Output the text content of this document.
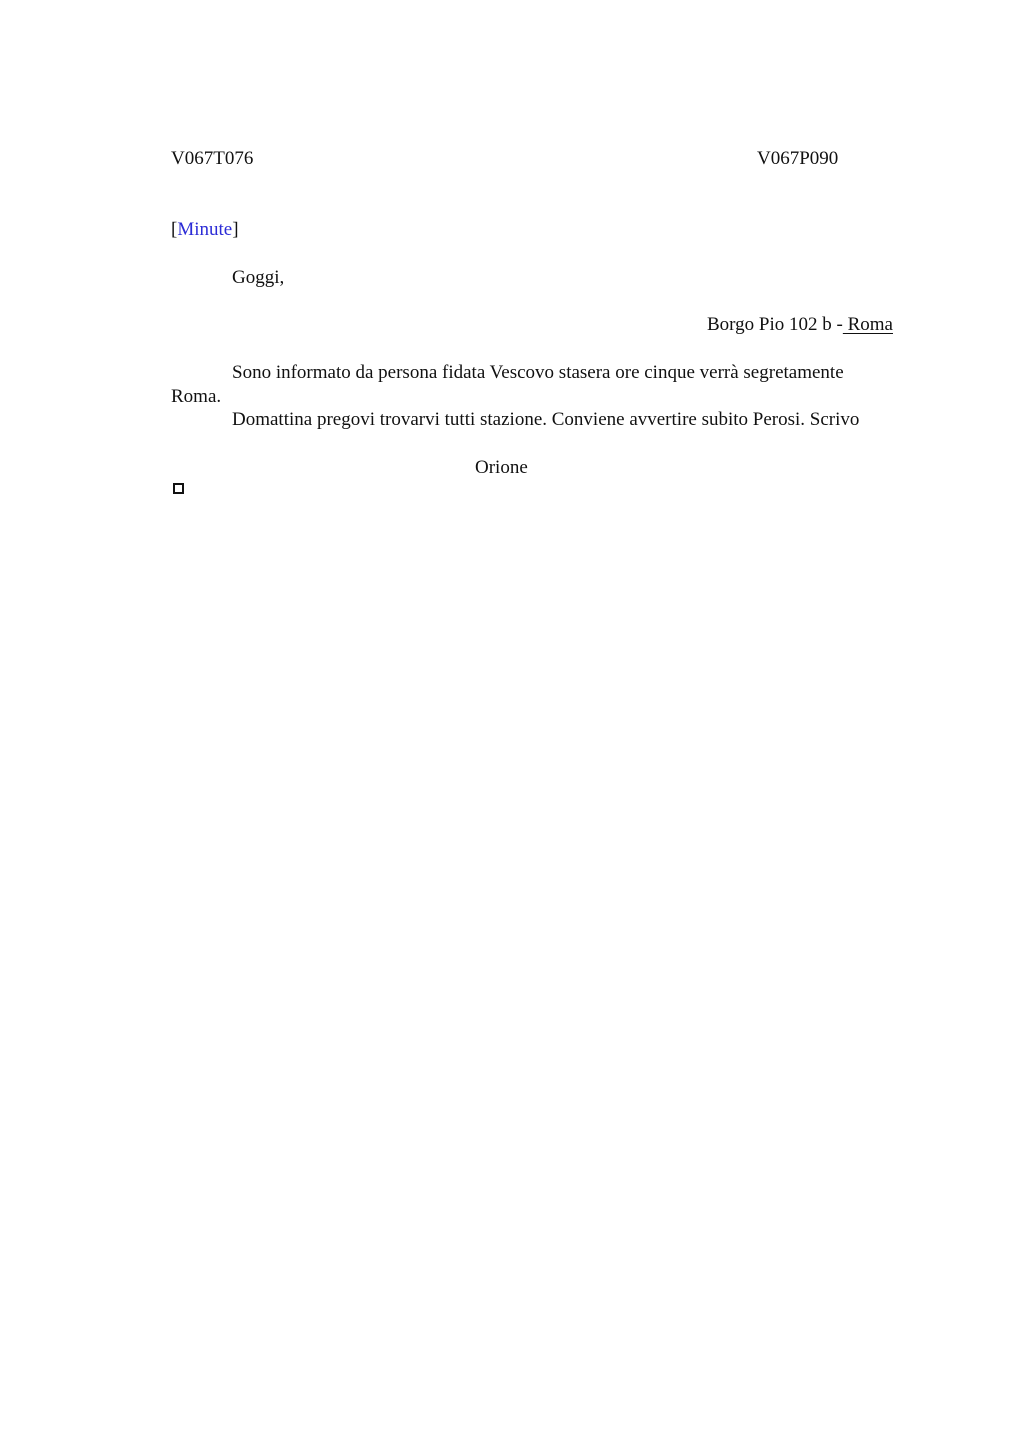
V067T076	V067P090
[Minute]
Goggi,
Borgo Pio 102 b - Roma
Sono informato da persona fidata Vescovo stasera ore cinque verrà segretamente
Roma.
Domattina pregovi trovarvi tutti stazione. Conviene avvertire subito Perosi. Scrivo
Orione
